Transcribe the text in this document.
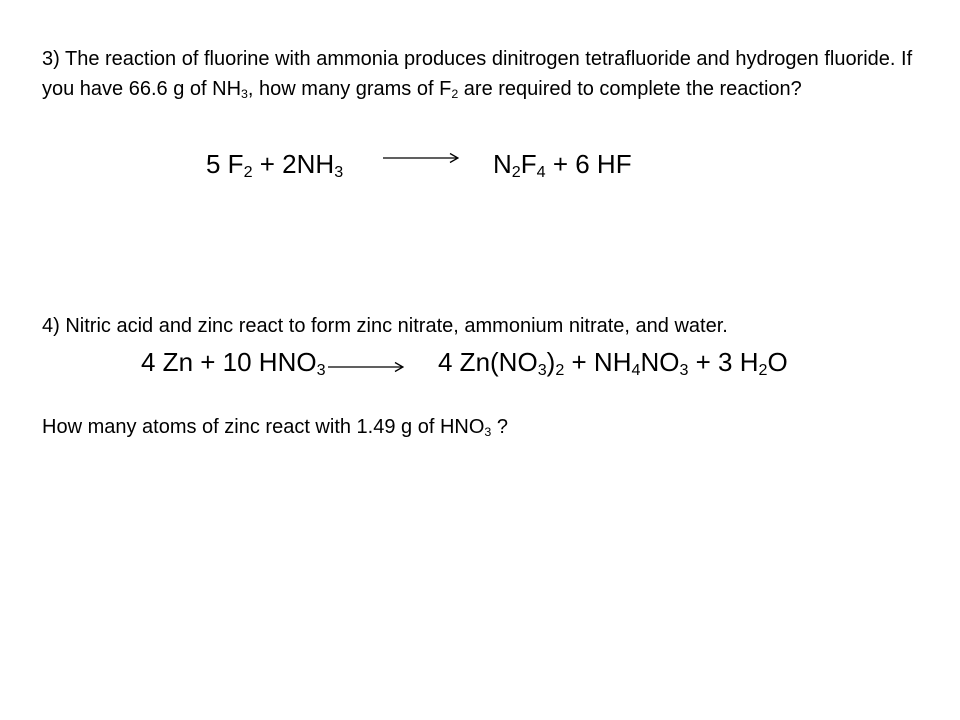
3) The reaction of fluorine with ammonia produces dinitrogen tetrafluoride and hydrogen fluoride. If you have 66.6 g of $NH_3$, how many grams of $F_2$ are required to complete the reaction?
5 $F_2 + 2NH_3$	$N_2F_4 + 6$ HF
4) Nitric acid and zinc react to form zinc nitrate, ammonium nitrate, and water.
4 Zn + 10 $HNO_3$	4 $Zn(NO_3)_2 + NH_4NO_3 + 3$ $H_2O$
How many atoms of zinc react with 1.49 g of $HNO_3$ ?
